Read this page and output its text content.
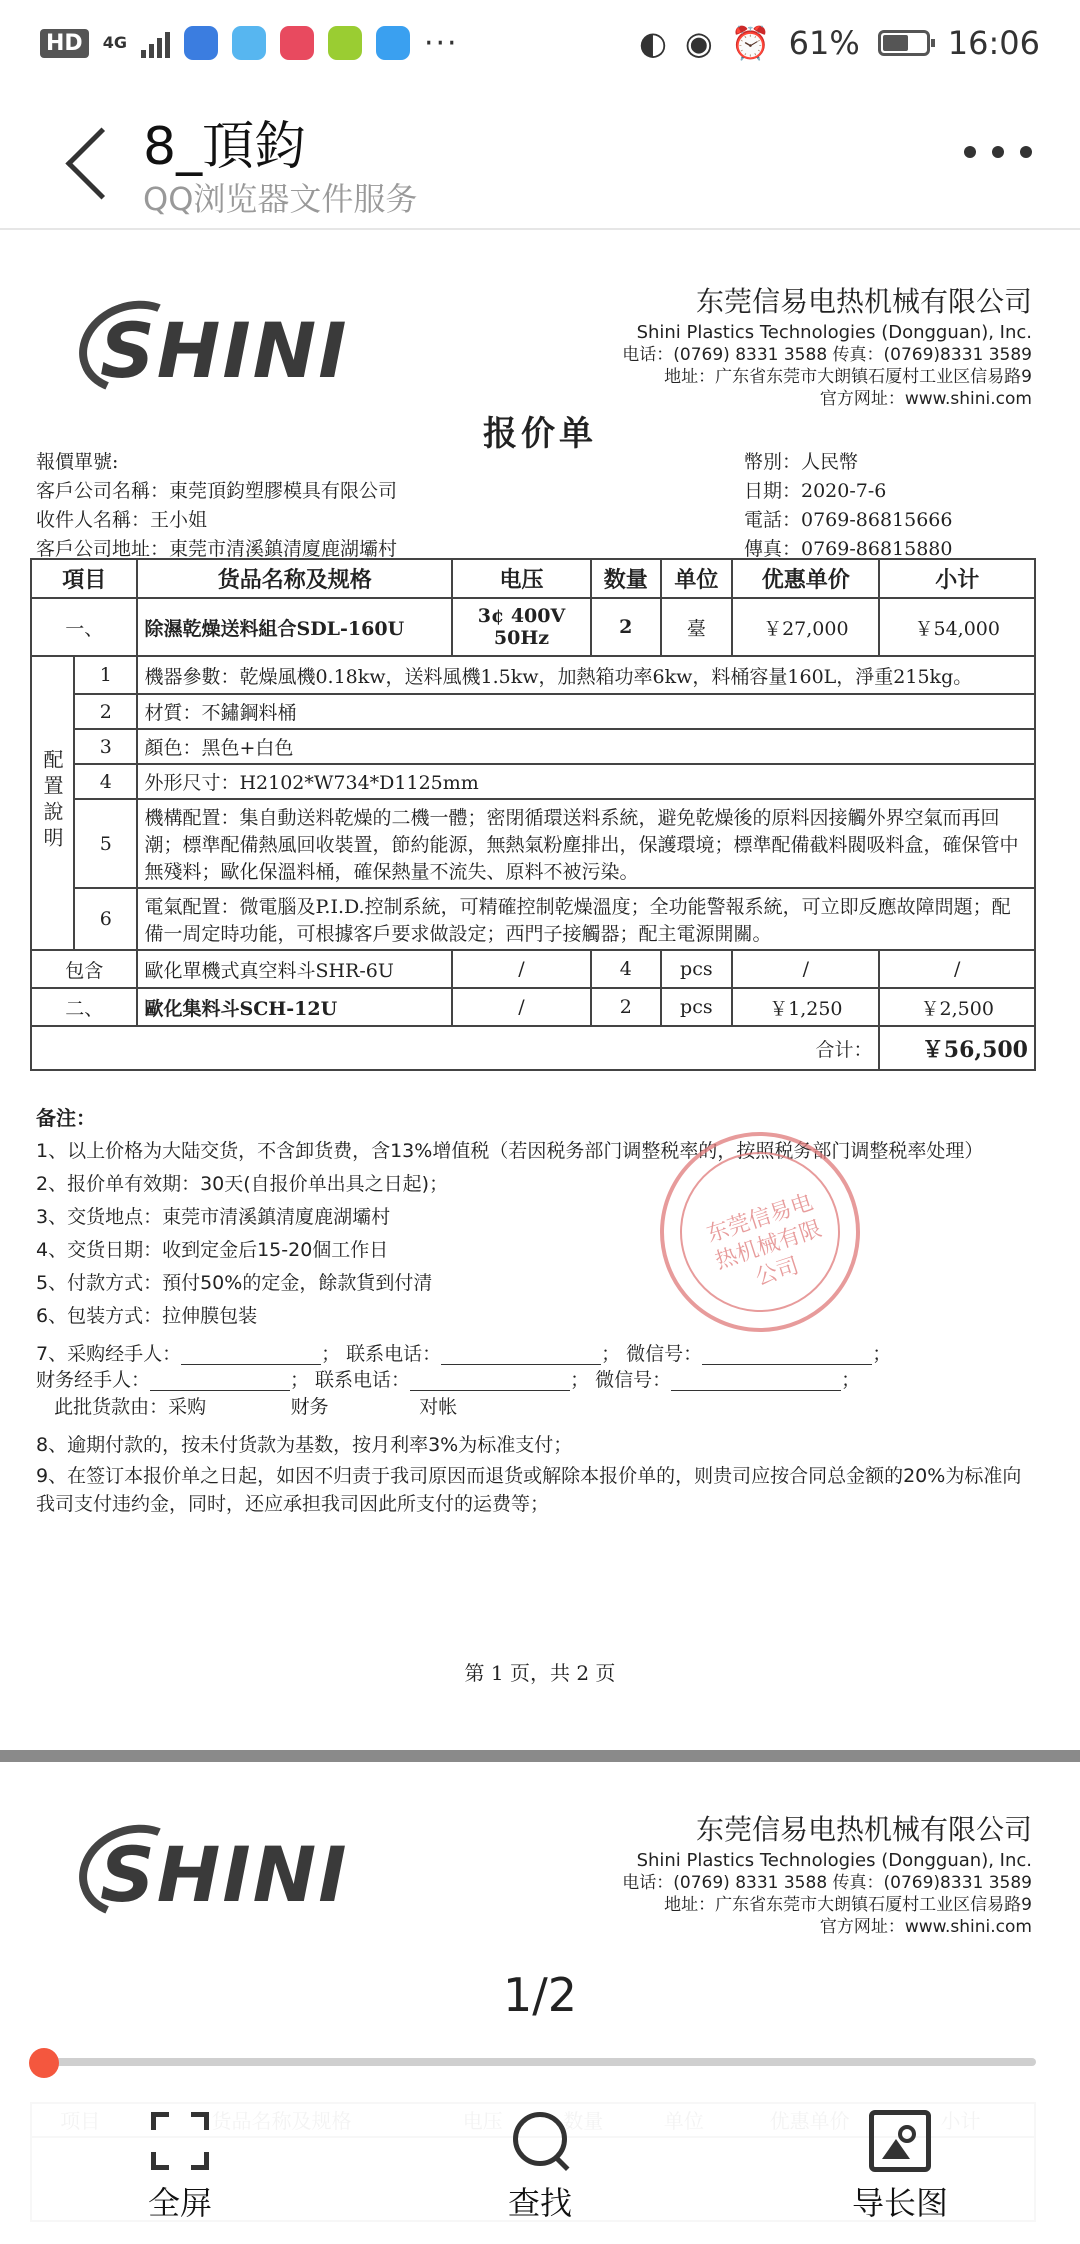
HD	4G	···	◐ ◉ ⏰ 61%	16:06
8_頂鈞
QQ浏览器文件服务
SHINI
东莞信易电热机械有限公司
Shini Plastics Technologies (Dongguan), Inc.
电话：(0769) 8331 3588 传真：(0769)8331 3589
地址：广东省东莞市大朗镇石厦村工业区信易路9
官方网址：www.shini.com
报价单
報價單號:
客戶公司名稱：東莞頂鈞塑膠模具有限公司
收件人名稱：王小姐
客戶公司地址：東莞市清溪鎮清廈鹿湖壩村
幣別：人民幣
日期：2020-7-6
電話：0769-86815666
傳真：0769-86815880
項目		货品名称及规格	电压	数量	单位	优惠单价	小计
一、		除濕乾燥送料組合SDL-160U	3¢ 400V 50Hz	2	臺	￥27,000	￥54,000
配置說明	1	機器參數：乾燥風機0.18kw，送料風機1.5kw，加熱箱功率6kw，料桶容量160L，淨重215kg。					
	2	材質：不鏽鋼料桶					
	3	顏色：黑色+白色					
	4	外形尺寸：H2102*W734*D1125mm					
	5	機構配置：集自動送料乾燥的二機一體；密閉循環送料系統，避免乾燥後的原料因接觸外界空氣而再回潮；標準配備熱風回收裝置，節約能源，無熱氣粉塵排出，保護環境；標準配備截料閥吸料盒，確保管中無殘料；歐化保溫料桶，確保熱量不流失、原料不被污染。					
	6	電氣配置：微電腦及P.I.D.控制系統，可精確控制乾燥溫度；全功能警報系統，可立即反應故障問題；配備一周定時功能，可根據客戶要求做設定；西門子接觸器；配主電源開關。					
包含		歐化單機式真空料斗SHR-6U	/	4	pcs	/	/
二、		歐化集料斗SCH-12U	/	2	pcs	￥1,250	￥2,500
合计：							￥56,500
备注：
1、以上价格为大陆交货，不含卸货费，含13%增值税（若因税务部门调整税率的，按照税务部门调整税率处理）
2、报价单有效期：30天(自报价单出具之日起)；
3、交货地点：東莞市清溪鎮清廈鹿湖壩村
4、交货日期：收到定金后15-20個工作日
5、付款方式：預付50%的定金，餘款貨到付清
6、包装方式：拉伸膜包装
7、采购经手人：	； 联系电话：	； 微信号：	；
财务经手人：	； 联系电话：	； 微信号：	；
此批货款由：采购              财务               对帐
8、逾期付款的，按未付货款为基数，按月利率3%为标准支付；
9、在签订本报价单之日起，如因不归责于我司原因而退货或解除本报价单的，则贵司应按合同总金额的20%为标准向我司支付违约金，同时，还应承担我司因此所支付的运费等；
东莞信易电热机械有限公司
第 1 页，共 2 页
SHINI
东莞信易电热机械有限公司
Shini Plastics Technologies (Dongguan), Inc.
电话：(0769) 8331 3588 传真：(0769)8331 3589
地址：广东省东莞市大朗镇石厦村工业区信易路9
官方网址：www.shini.com
1/2
全屏	查找	导长图
